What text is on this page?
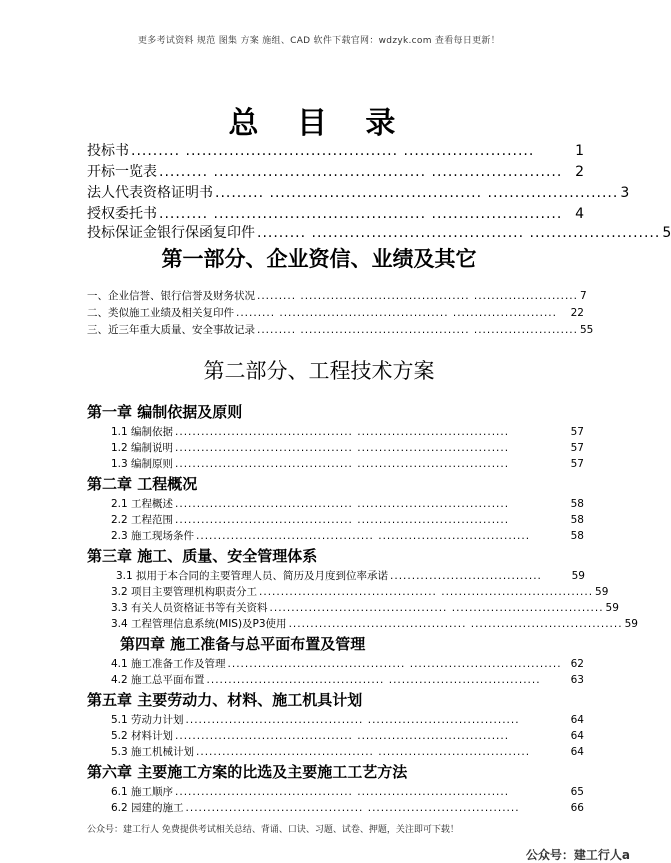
更多考试资料 规范 图集 方案 施组、CAD 软件下载官网：wdzyk.com 查看每日更新！
总 目 录
投标书 ......... ....................................... ........................	1
开标一览表 ......... ....................................... ........................ 2
法人代表资格证明书 ......... ....................................... ........................ 3
授权委托书 ......... ....................................... ........................ 4
投标保证金银行保函复印件 ......... ....................................... ........................ 5
第一部分、企业资信、业绩及其它
一、企业信誉、银行信誉及财务状况 ......... ....................................... ........................ 7
二、类似施工业绩及相关复印件 ......... ....................................... ........................	22
三、近三年重大质量、安全事故记录 ......... ....................................... ........................ 55
第二部分、工程技术方案
第一章 编制依据及原则
1.1 编制依据 ......................................... ...................................	57
1.2 编制说明 ......................................... ...................................	57
1.3 编制原则 ......................................... ...................................	57
第二章 工程概况
2.1 工程概述 ......................................... ...................................	58
2.2 工程范围 ......................................... ...................................	58
2.3 施工现场条件 ......................................... ...................................	58
第三章 施工、质量、安全管理体系
3.1 拟用于本合同的主要管理人员、简历及月度到位率承诺 ...................................	59
3.2 项目主要管理机构职责分工 ......................................... ................................... 59
3.3 有关人员资格证书等有关资料 ......................................... ................................... 59
3.4 工程管理信息系统(MIS)及P3使用 ......................................... ................................... 59
第四章 施工准备与总平面布置及管理
4.1 施工准备工作及管理 ......................................... ................................... 62
4.2 施工总平面布置 ......................................... ...................................	63
第五章 主要劳动力、材料、施工机具计划
5.1 劳动力计划 ......................................... ...................................	64
5.2 材料计划 ......................................... ...................................	64
5.3 施工机械计划 ......................................... ...................................	64
第六章 主要施工方案的比选及主要施工工艺方法
6.1 施工顺序 ......................................... ...................................	65
6.2 园建的施工 ......................................... ...................................	66
公众号：建工行人 免费提供考试相关总结、背诵、口诀、习题、试卷、押题，关注即可下载！
公众号：建工行人a
